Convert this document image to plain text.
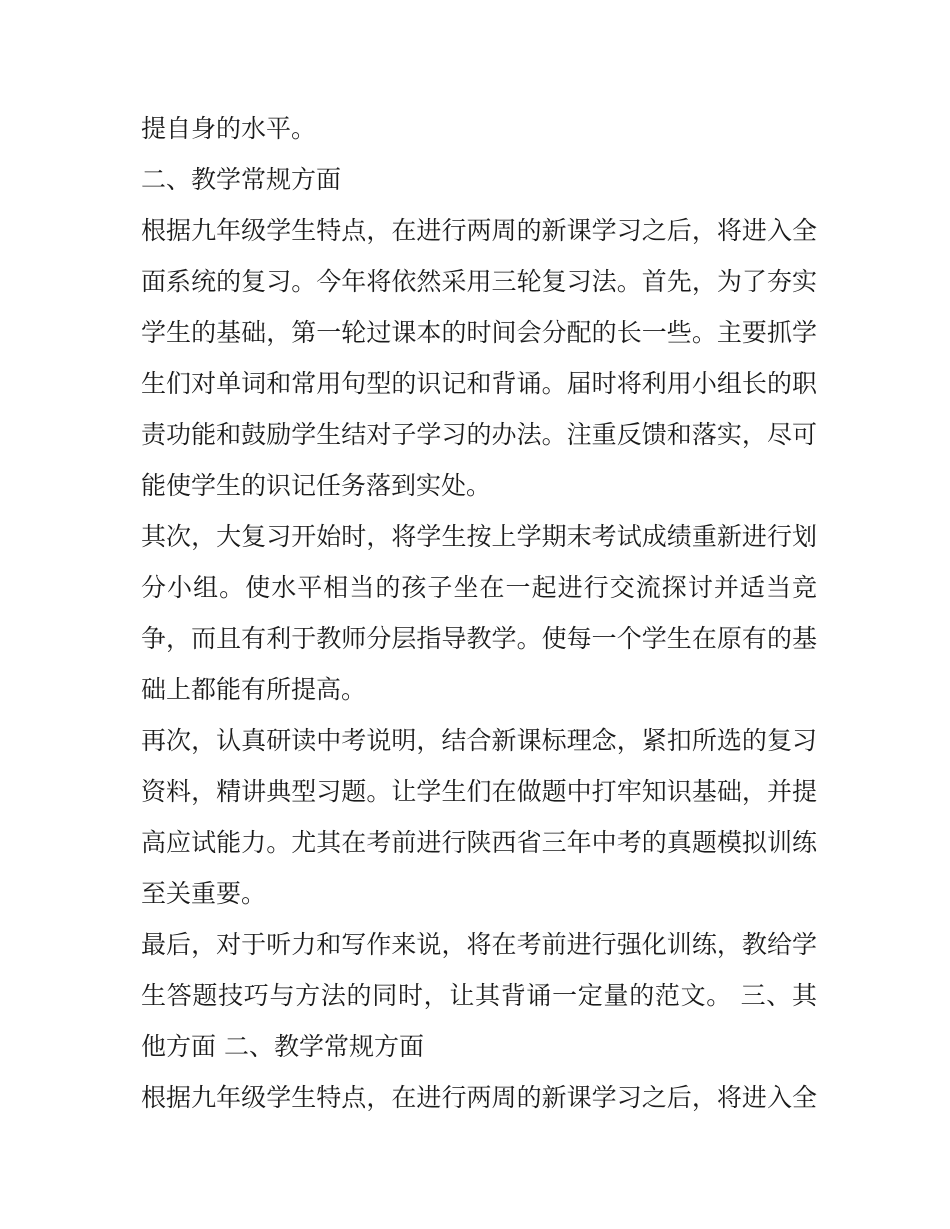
提自身的水平。
二、教学常规方面
根据九年级学生特点，在进行两周的新课学习之后，将进入全
面系统的复习。今年将依然采用三轮复习法。首先，为了夯实
学生的基础，第一轮过课本的时间会分配的长一些。主要抓学
生们对单词和常用句型的识记和背诵。届时将利用小组长的职
责功能和鼓励学生结对子学习的办法。注重反馈和落实，尽可
能使学生的识记任务落到实处。
其次，大复习开始时，将学生按上学期末考试成绩重新进行划
分小组。使水平相当的孩子坐在一起进行交流探讨并适当竞
争，而且有利于教师分层指导教学。使每一个学生在原有的基
础上都能有所提高。
再次，认真研读中考说明，结合新课标理念，紧扣所选的复习
资料，精讲典型习题。让学生们在做题中打牢知识基础，并提
高应试能力。尤其在考前进行陕西省三年中考的真题模拟训练
至关重要。
最后，对于听力和写作来说，将在考前进行强化训练，教给学
生答题技巧与方法的同时，让其背诵一定量的范文。 三、其
他方面 二、教学常规方面
根据九年级学生特点，在进行两周的新课学习之后，将进入全
